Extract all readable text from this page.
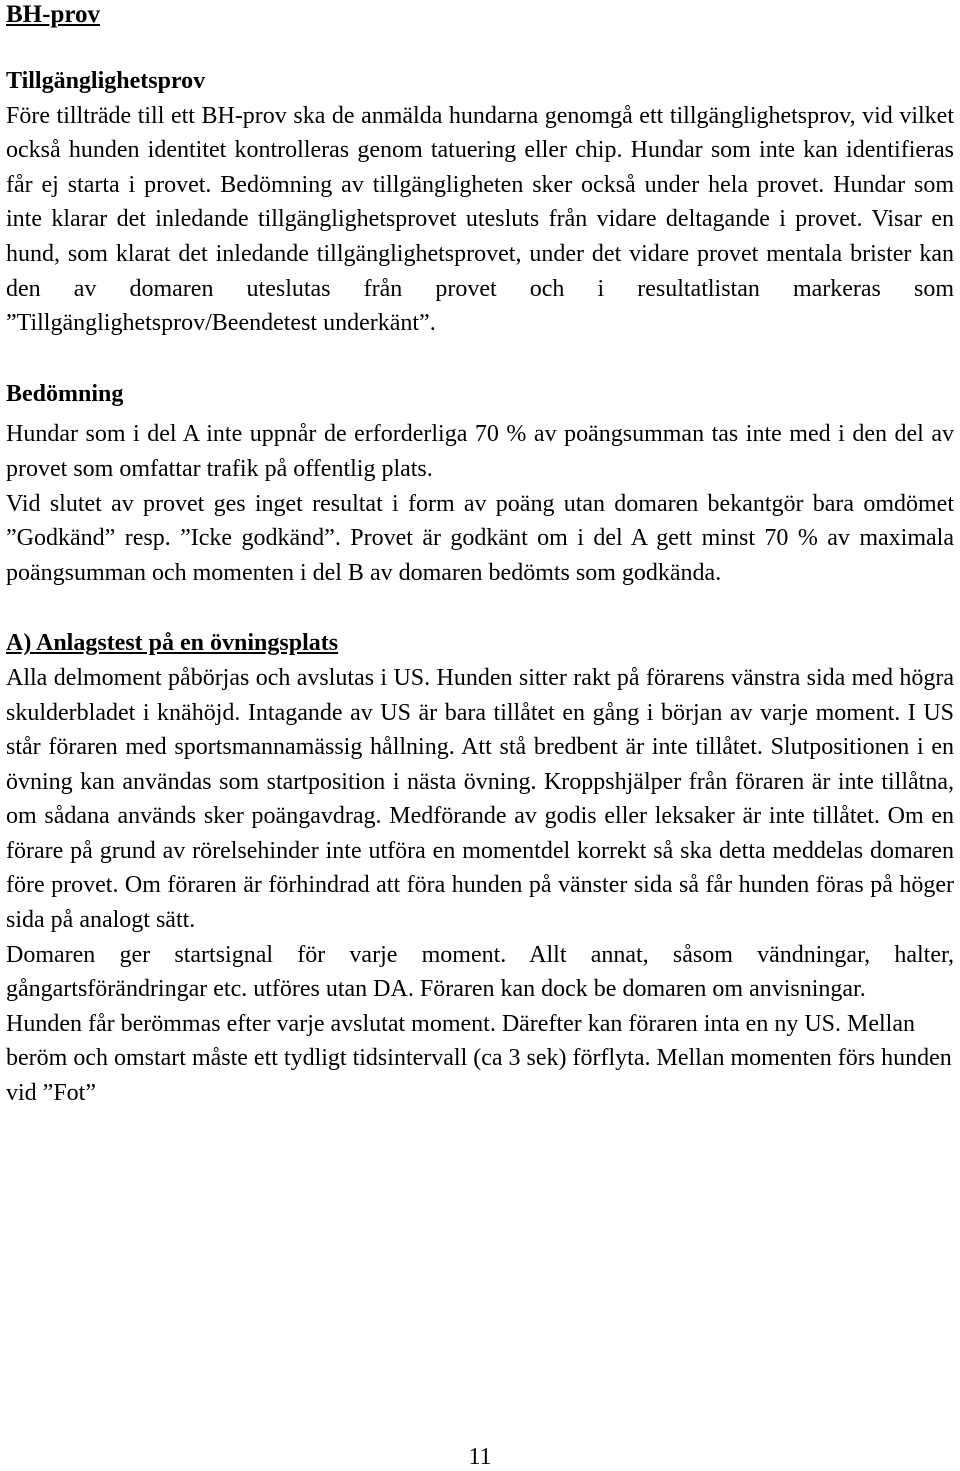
BH-prov
Tillgänglighetsprov

Före tillträde till ett BH-prov ska de anmälda hundarna genomgå ett tillgänglighetsprov, vid vilket också hunden identitet kontrolleras genom tatuering eller chip. Hundar som inte kan identifieras får ej starta i provet. Bedömning av tillgängligheten sker också under hela provet. Hundar som inte klarar det inledande tillgänglighetsprovet utesluts från vidare deltagande i provet. Visar en hund, som klarat det inledande tillgänglighetsprovet, under det vidare provet mentala brister kan den av domaren uteslutas från provet och i resultatlistan markeras som ”Tillgänglighetsprov/Beendetest underkänt”.

Bedömning

Hundar som i del A inte uppnår de erforderliga 70 % av poängsumman tas inte med i den del av provet som omfattar trafik på offentlig plats.

Vid slutet av provet ges inget resultat i form av poäng utan domaren bekantgör bara omdömet ”Godkänd” resp. ”Icke godkänd”. Provet är godkänt om i del A gett minst 70 % av maximala poängsumman och momenten i del B av domaren bedömts som godkända.

A) Anlagstest på en övningsplats

Alla delmoment påbörjas och avslutas i US. Hunden sitter rakt på förarens vänstra sida med högra skulderbladet i knähöjd. Intagande av US är bara tillåtet en gång i början av varje moment. I US står föraren med sportsmannamässig hållning. Att stå bredbent är inte tillåtet. Slutpositionen i en övning kan användas som startposition i nästa övning. Kroppshjälper från föraren är inte tillåtna, om sådana används sker poängavdrag. Medförande av godis eller leksaker är inte tillåtet. Om en förare på grund av rörelsehinder inte utföra en momentdel korrekt så ska detta meddelas domaren före provet. Om föraren är förhindrad att föra hunden på vänster sida så får hunden föras på höger sida på analogt sätt.

Domaren ger startsignal för varje moment. Allt annat, såsom vändningar, halter, gångartsförändringar etc. utföres utan DA. Föraren kan dock be domaren om anvisningar.

Hunden får berömmas efter varje avslutat moment. Därefter kan föraren inta en ny US. Mellan beröm och omstart måste ett tydligt tidsintervall (ca 3 sek) förflyta. Mellan momenten förs hunden vid ”Fot”

11
